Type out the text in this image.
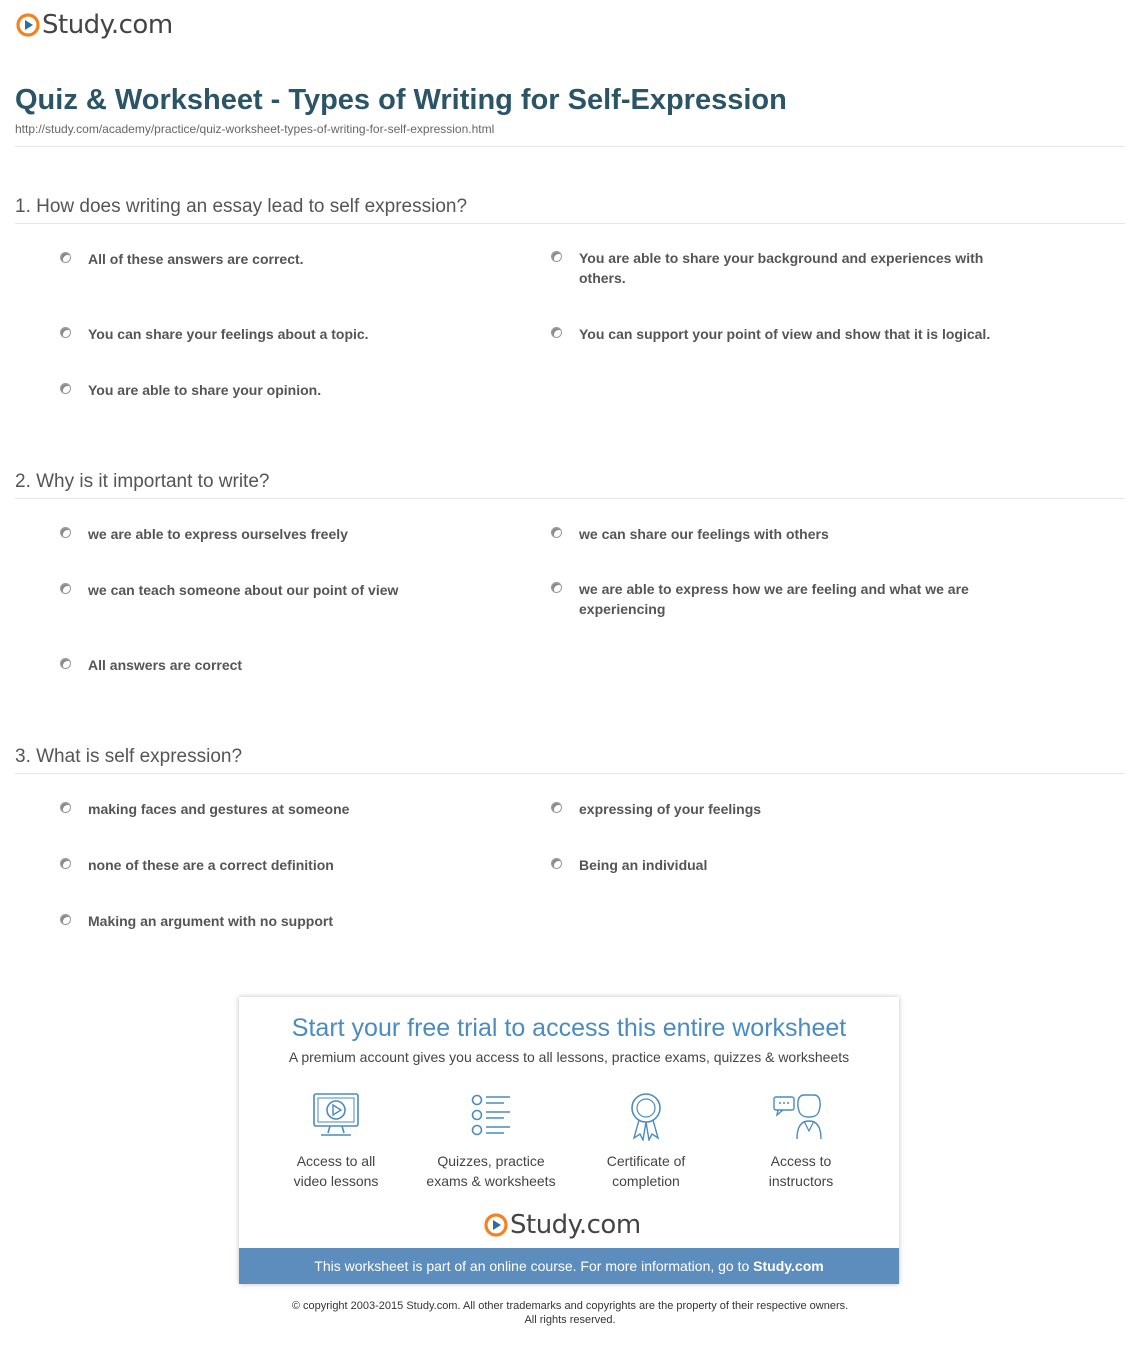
Study.com
Quiz & Worksheet - Types of Writing for Self-Expression
http://study.com/academy/practice/quiz-worksheet-types-of-writing-for-self-expression.html
1. How does writing an essay lead to self expression?
All of these answers are correct.	You are able to share your background and experiences with others.
You can share your feelings about a topic.	You can support your point of view and show that it is logical.
You are able to share your opinion.
2. Why is it important to write?
we are able to express ourselves freely	we can share our feelings with others
we can teach someone about our point of view	we are able to express how we are feeling and what we are experiencing
All answers are correct
3. What is self expression?
making faces and gestures at someone	expressing of your feelings
none of these are a correct definition	Being an individual
Making an argument with no support
Start your free trial to access this entire worksheet
A premium account gives you access to all lessons, practice exams, quizzes & worksheets
Access to all
video lessons
Quizzes, practice
exams & worksheets
Certificate of
completion
Access to
instructors
Study.com
This worksheet is part of an online course. For more information, go to Study.com
© copyright 2003-2015 Study.com. All other trademarks and copyrights are the property of their respective owners.
All rights reserved.
